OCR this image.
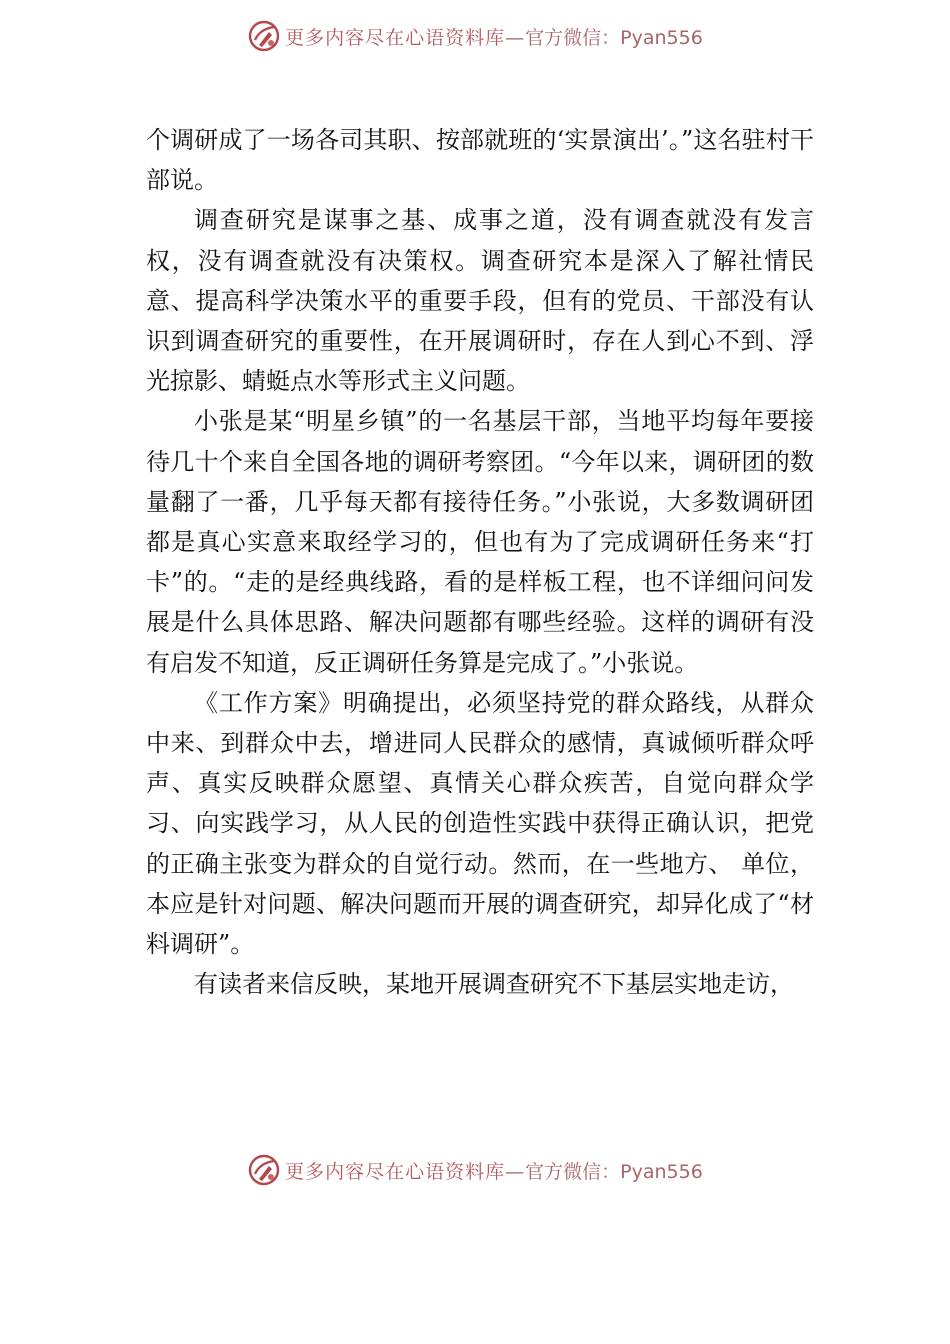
更多内容尽在心语资料库—官方微信：Pyan556

个调研成了一场各司其职、按部就班的‘实景演出’。”这名驻村干部说。

调查研究是谋事之基、成事之道，没有调查就没有发言权，没有调查就没有决策权。调查研究本是深入了解社情民意、提高科学决策水平的重要手段，但有的党员、干部没有认识到调查研究的重要性，在开展调研时，存在人到心不到、浮光掠影、蜻蜓点水等形式主义问题。

小张是某“明星乡镇”的一名基层干部，当地平均每年要接待几十个来自全国各地的调研考察团。“今年以来，调研团的数量翻了一番，几乎每天都有接待任务。”小张说，大多数调研团都是真心实意来取经学习的，但也有为了完成调研任务来“打卡”的。“走的是经典线路，看的是样板工程，也不详细问问发展是什么具体思路、解决问题都有哪些经验。这样的调研有没有启发不知道，反正调研任务算是完成了。”小张说。

《工作方案》明确提出，必须坚持党的群众路线，从群众中来、到群众中去，增进同人民群众的感情，真诚倾听群众呼声、真实反映群众愿望、真情关心群众疾苦，自觉向群众学习、向实践学习，从人民的创造性实践中获得正确认识，把党的正确主张变为群众的自觉行动。然而，在一些地方、 单位，本应是针对问题、解决问题而开展的调查研究，却异化成了“材料调研”。

有读者来信反映，某地开展调查研究不下基层实地走访，

更多内容尽在心语资料库—官方微信：Pyan556
